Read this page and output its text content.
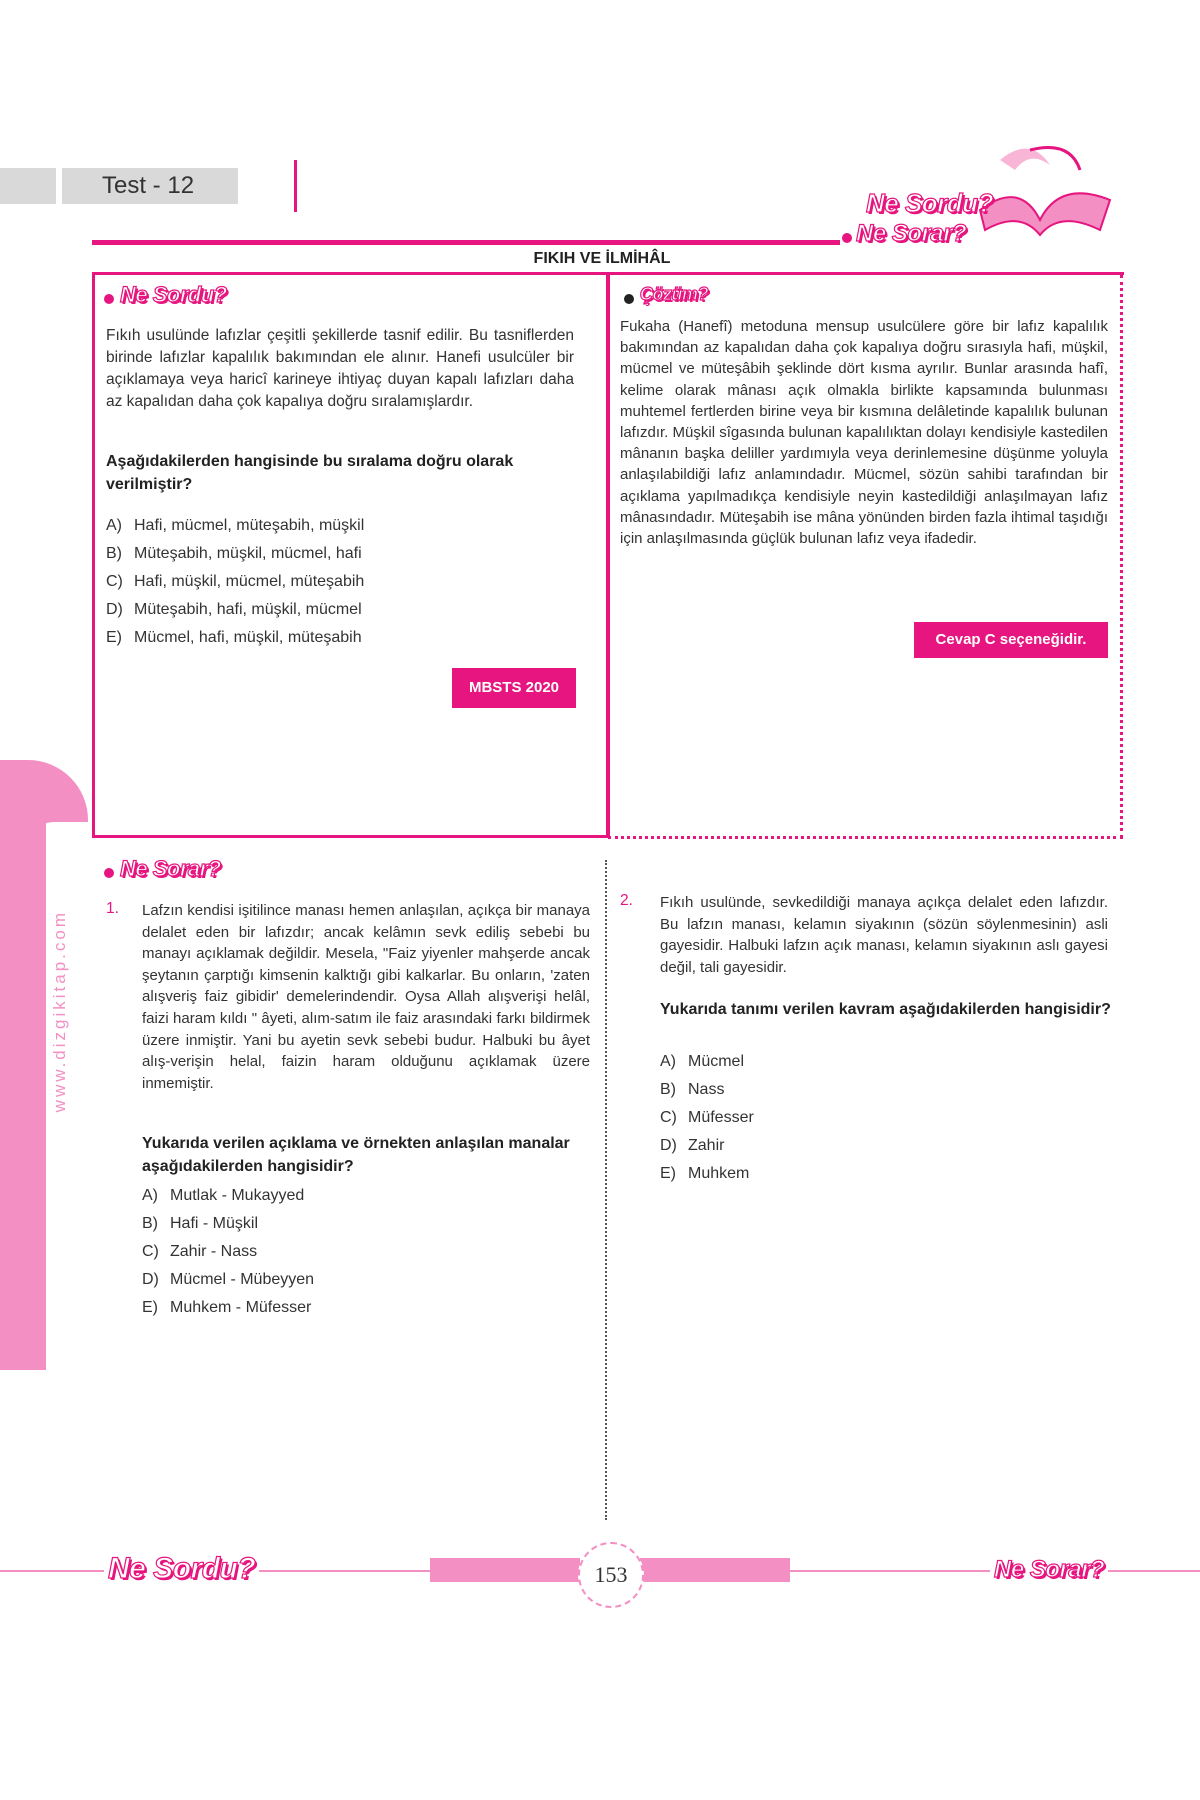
Test - 12
Ne Sordu?
Ne Sorar?
FIKIH VE İLMİHÂL
Ne Sordu?
Fıkıh usulünde lafızlar çeşitli şekillerde tasnif edilir. Bu tasniflerden birinde lafızlar kapalılık bakımından ele alınır. Hanefi usulcüler bir açıklamaya veya haricî karineye ihtiyaç duyan kapalı lafızları daha az kapalıdan daha çok kapalıya doğru sıralamışlardır.
Aşağıdakilerden hangisinde bu sıralama doğru olarak verilmiştir?
A) Hafi, mücmel, müteşabih, müşkil
B) Müteşabih, müşkil, mücmel, hafi
C) Hafi, müşkil, mücmel, müteşabih
D) Müteşabih, hafi, müşkil, mücmel
E) Mücmel, hafi, müşkil, müteşabih
MBSTS 2020
Çözüm?
Fukaha (Hanefî) metoduna mensup usulcülere göre bir lafız kapalılık bakımından az kapalıdan daha çok kapalıya doğru sırasıyla hafi, müşkil, mücmel ve müteşâbih şeklinde dört kısma ayrılır. Bunlar arasında hafî, kelime olarak mânası açık olmakla birlikte kapsamında bulunması muhtemel fertlerden birine veya bir kısmına delâletinde kapalılık bulunan lafızdır. Müşkil sîgasında bulunan kapalılıktan dolayı kendisiyle kastedilen mânanın başka deliller yardımıyla veya derinlemesine düşünme yoluyla anlaşılabildiği lafız anlamındadır. Mücmel, sözün sahibi tarafından bir açıklama yapılmadıkça kendisiyle neyin kastedildiği anlaşılmayan lafız mânasındadır. Müteşabih ise mâna yönünden birden fazla ihtimal taşıdığı için anlaşılmasında güçlük bulunan lafız veya ifadedir.
Cevap C seçeneğidir.
www.dizgikitap.com
Ne Sorar?
1. Lafzın kendisi işitilince manası hemen anlaşılan, açıkça bir manaya delalet eden bir lafızdır; ancak kelâmın sevk ediliş sebebi bu manayı açıklamak değildir. Mesela, "Faiz yiyenler mahşerde ancak şeytanın çarptığı kimsenin kalktığı gibi kalkarlar. Bu onların, 'zaten alışveriş faiz gibidir' demelerindendir. Oysa Allah alışverişi helâl, faizi haram kıldı " âyeti, alım-satım ile faiz arasındaki farkı bildirmek üzere inmiştir. Yani bu ayetin sevk sebebi budur. Halbuki bu âyet alış-verişin helal, faizin haram olduğunu açıklamak üzere inmemiştir.
Yukarıda verilen açıklama ve örnekten anlaşılan manalar aşağıdakilerden hangisidir?
A) Mutlak - Mukayyed
B) Hafi - Müşkil
C) Zahir - Nass
D) Mücmel - Mübeyyen
E) Muhkem - Müfesser
2. Fıkıh usulünde, sevkedildiği manaya açıkça delalet eden lafızdır. Bu lafzın manası, kelamın siyakının (sözün söylenmesinin) asli gayesidir. Halbuki lafzın açık manası, kelamın siyakının aslı gayesi değil, tali gayesidir.
Yukarıda tanımı verilen kavram aşağıdakilerden hangisidir?
A) Mücmel
B) Nass
C) Müfesser
D) Zahir
E) Muhkem
153
Ne Sordu?	Ne Sorar?
